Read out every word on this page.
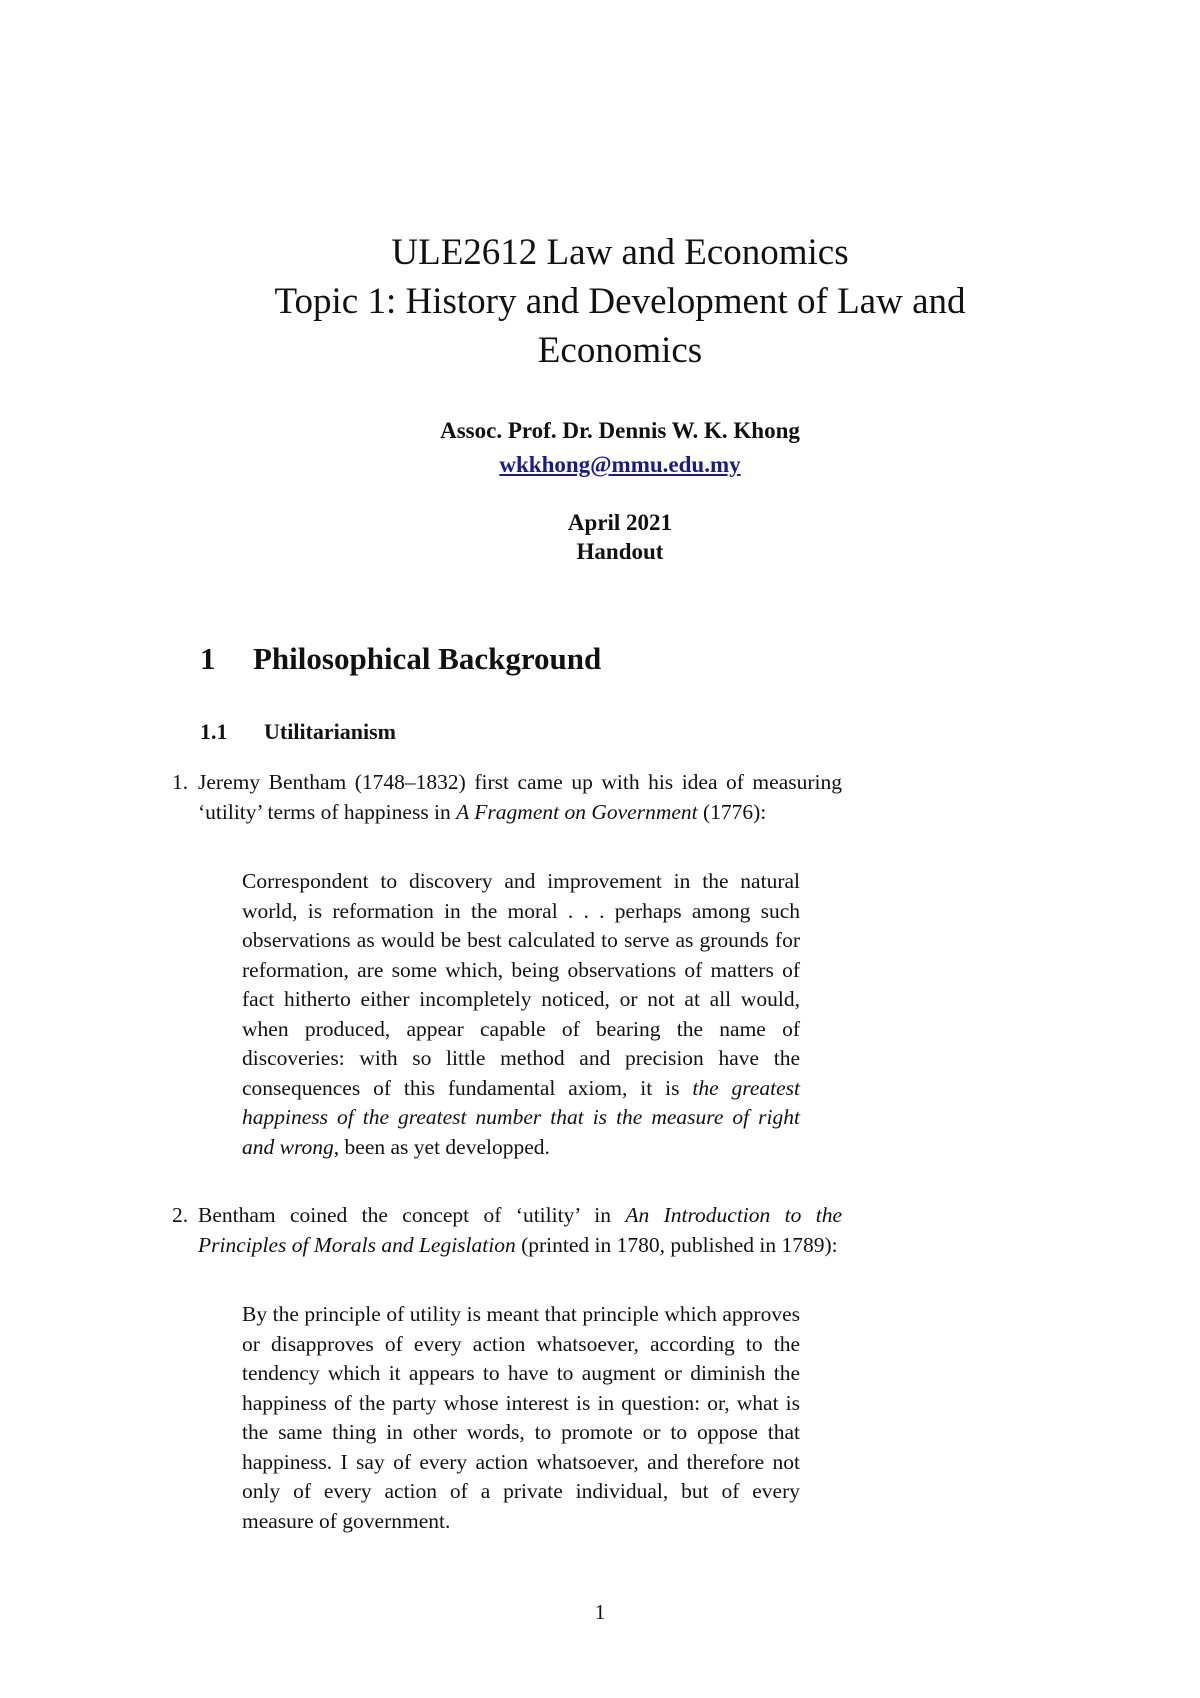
ULE2612 Law and Economics
Topic 1: History and Development of Law and
Economics
Assoc. Prof. Dr. Dennis W. K. Khong
wkkhong@mmu.edu.my
April 2021
Handout
1 Philosophical Background
1.1 Utilitarianism
1. Jeremy Bentham (1748–1832) first came up with his idea of measuring ‘utility’ terms of happiness in A Fragment on Government (1776):
Correspondent to discovery and improvement in the natural world, is reformation in the moral . . . perhaps among such observations as would be best calculated to serve as grounds for reformation, are some which, being observations of matters of fact hitherto either incompletely noticed, or not at all would, when produced, appear capable of bearing the name of discoveries: with so little method and precision have the consequences of this fundamental axiom, it is the greatest happiness of the greatest number that is the measure of right and wrong, been as yet developped.
2. Bentham coined the concept of ‘utility’ in An Introduction to the Principles of Morals and Legislation (printed in 1780, published in 1789):
By the principle of utility is meant that principle which approves or disapproves of every action whatsoever, according to the tendency which it appears to have to augment or diminish the happiness of the party whose interest is in question: or, what is the same thing in other words, to promote or to oppose that happiness. I say of every action whatsoever, and therefore not only of every action of a private individual, but of every measure of government.
1
